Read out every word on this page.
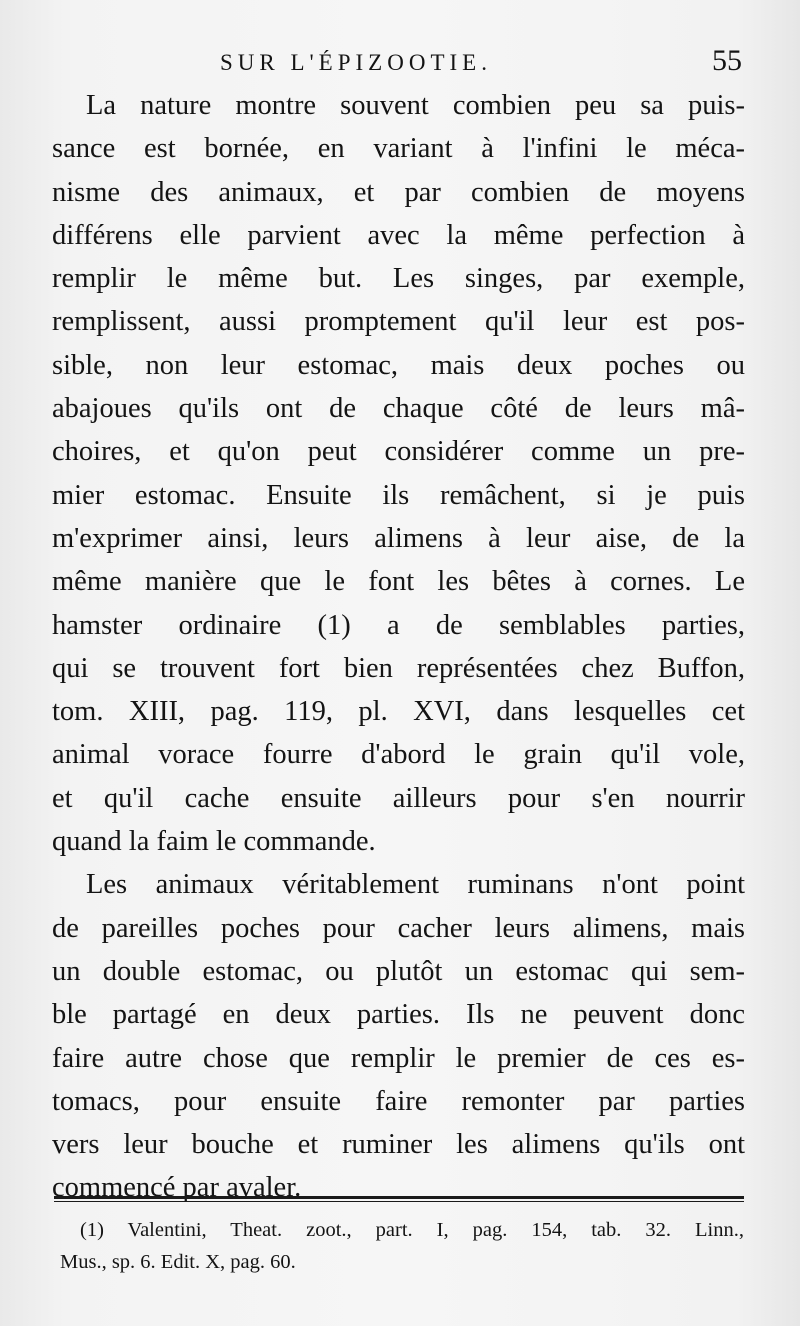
SUR L'ÉPIZOOTIE.	55
La nature montre souvent combien peu sa puis-
sance est bornée, en variant à l'infini le méca-
nisme des animaux, et par combien de moyens
différens elle parvient avec la même perfection à
remplir le même but. Les singes, par exemple,
remplissent, aussi promptement qu'il leur est pos-
sible, non leur estomac, mais deux poches ou
abajoues qu'ils ont de chaque côté de leurs mâ-
choires, et qu'on peut considérer comme un pre-
mier estomac. Ensuite ils remâchent, si je puis
m'exprimer ainsi, leurs alimens à leur aise, de la
même manière que le font les bêtes à cornes. Le
hamster ordinaire (1) a de semblables parties,
qui se trouvent fort bien représentées chez Buffon,
tom. XIII, pag. 119, pl. XVI, dans lesquelles cet
animal vorace fourre d'abord le grain qu'il vole,
et qu'il cache ensuite ailleurs pour s'en nourrir
quand la faim le commande.
Les animaux véritablement ruminans n'ont point
de pareilles poches pour cacher leurs alimens, mais
un double estomac, ou plutôt un estomac qui sem-
ble partagé en deux parties. Ils ne peuvent donc
faire autre chose que remplir le premier de ces es-
tomacs, pour ensuite faire remonter par parties
vers leur bouche et ruminer les alimens qu'ils ont
commencé par avaler.
(1) Valentini, Theat. zoot., part. I, pag. 154, tab. 32. Linn.,
Mus., sp. 6. Edit. X, pag. 60.
